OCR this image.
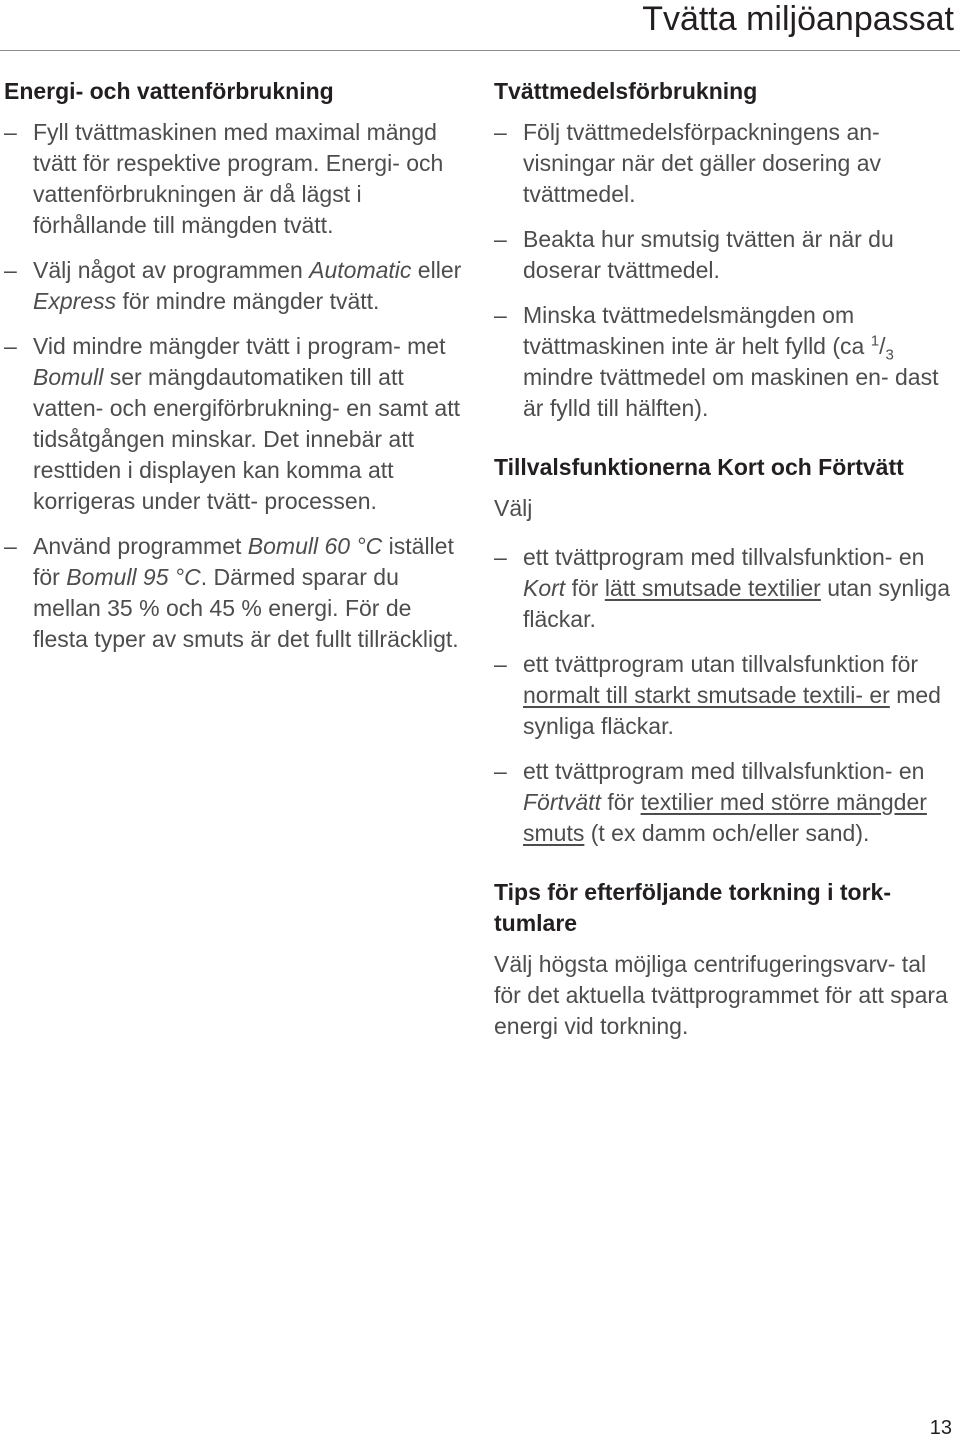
Tvätta miljöanpassat
Energi- och vattenförbrukning
– Fyll tvättmaskinen med maximal mängd tvätt för respektive program. Energi- och vattenförbrukningen är då lägst i förhållande till mängden tvätt.
– Välj något av programmen Automatic eller Express för mindre mängder tvätt.
– Vid mindre mängder tvätt i program- met Bomull ser mängdautomatiken till att vatten- och energiförbrukning- en samt att tidsåtgången minskar. Det innebär att resttiden i displayen kan komma att korrigeras under tvätt- processen.
– Använd programmet Bomull 60 °C istället för Bomull 95 °C. Därmed sparar du mellan 35 % och 45 % energi. För de flesta typer av smuts är det fullt tillräckligt.
Tvättmedelsförbrukning
– Följ tvättmedelsförpackningens an- visningar när det gäller dosering av tvättmedel.
– Beakta hur smutsig tvätten är när du doserar tvättmedel.
– Minska tvättmedelsmängden om tvättmaskinen inte är helt fylld (ca $^1/_3$ mindre tvättmedel om maskinen en- dast är fylld till hälften).
Tillvalsfunktionerna Kort och Förtvätt

Välj

– ett tvättprogram med tillvalsfunktion- en Kort för lätt smutsade textilier utan synliga fläckar.
– ett tvättprogram utan tillvalsfunktion för normalt till starkt smutsade textili- er med synliga fläckar.
– ett tvättprogram med tillvalsfunktion- en Förtvätt för textilier med större mängder smuts (t ex damm och/eller sand).
Tips för efterföljande torkning i tork- tumlare

Välj högsta möjliga centrifugeringsvarv- tal för det aktuella tvättprogrammet för att spara energi vid torkning.

13
